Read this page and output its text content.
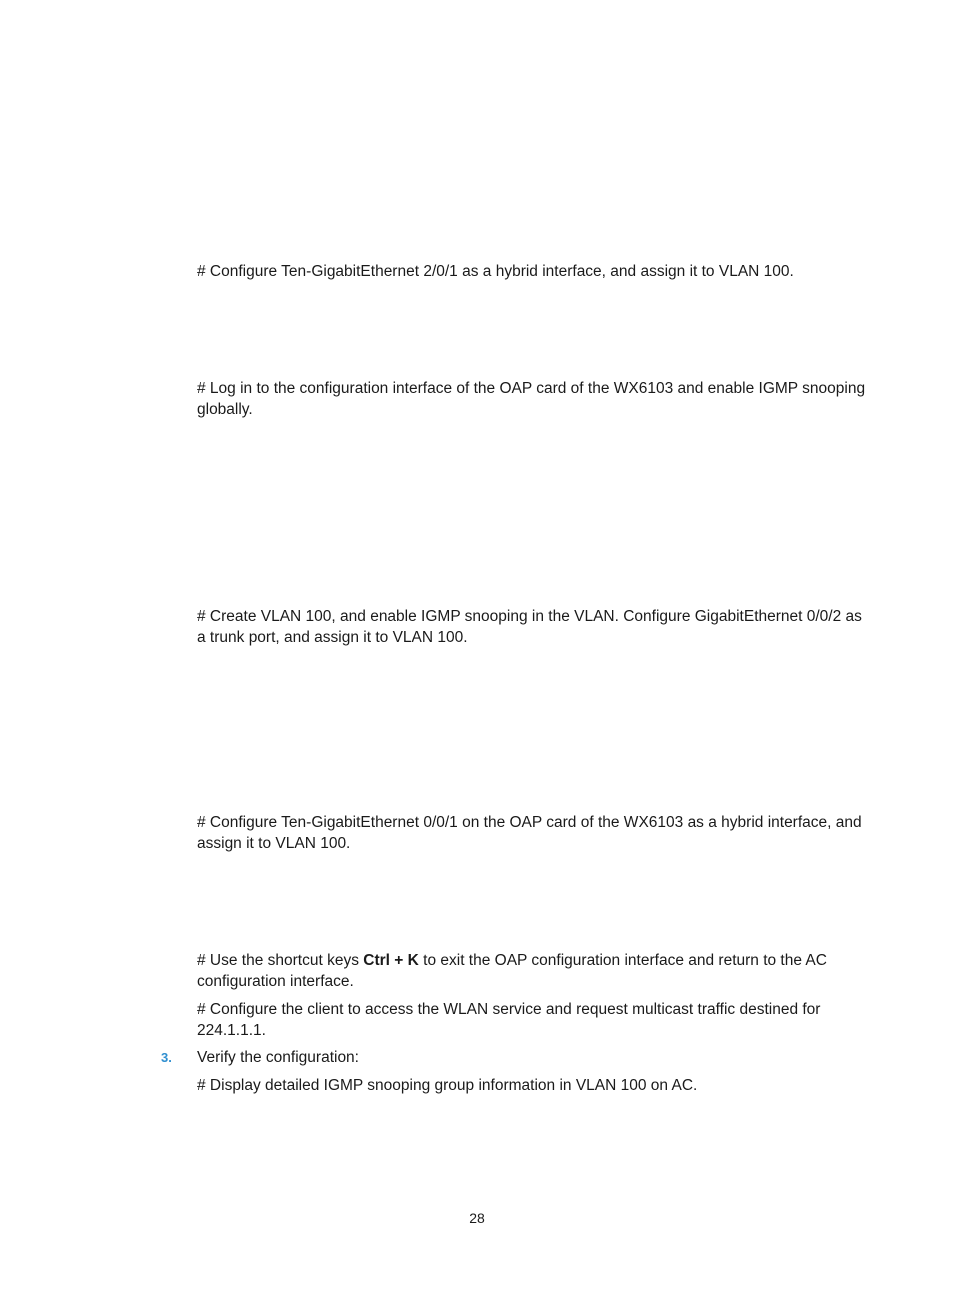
# Configure Ten-GigabitEthernet 2/0/1 as a hybrid interface, and assign it to VLAN 100.

# Log in to the configuration interface of the OAP card of the WX6103 and enable IGMP snooping globally.

# Create VLAN 100, and enable IGMP snooping in the VLAN. Configure GigabitEthernet 0/0/2 as a trunk port, and assign it to VLAN 100.

# Configure Ten-GigabitEthernet 0/0/1 on the OAP card of the WX6103 as a hybrid interface, and assign it to VLAN 100.

# Use the shortcut keys Ctrl + K to exit the OAP configuration interface and return to the AC configuration interface.

# Configure the client to access the WLAN service and request multicast traffic destined for 224.1.1.1.

3. Verify the configuration:

# Display detailed IGMP snooping group information in VLAN 100 on AC.

28
